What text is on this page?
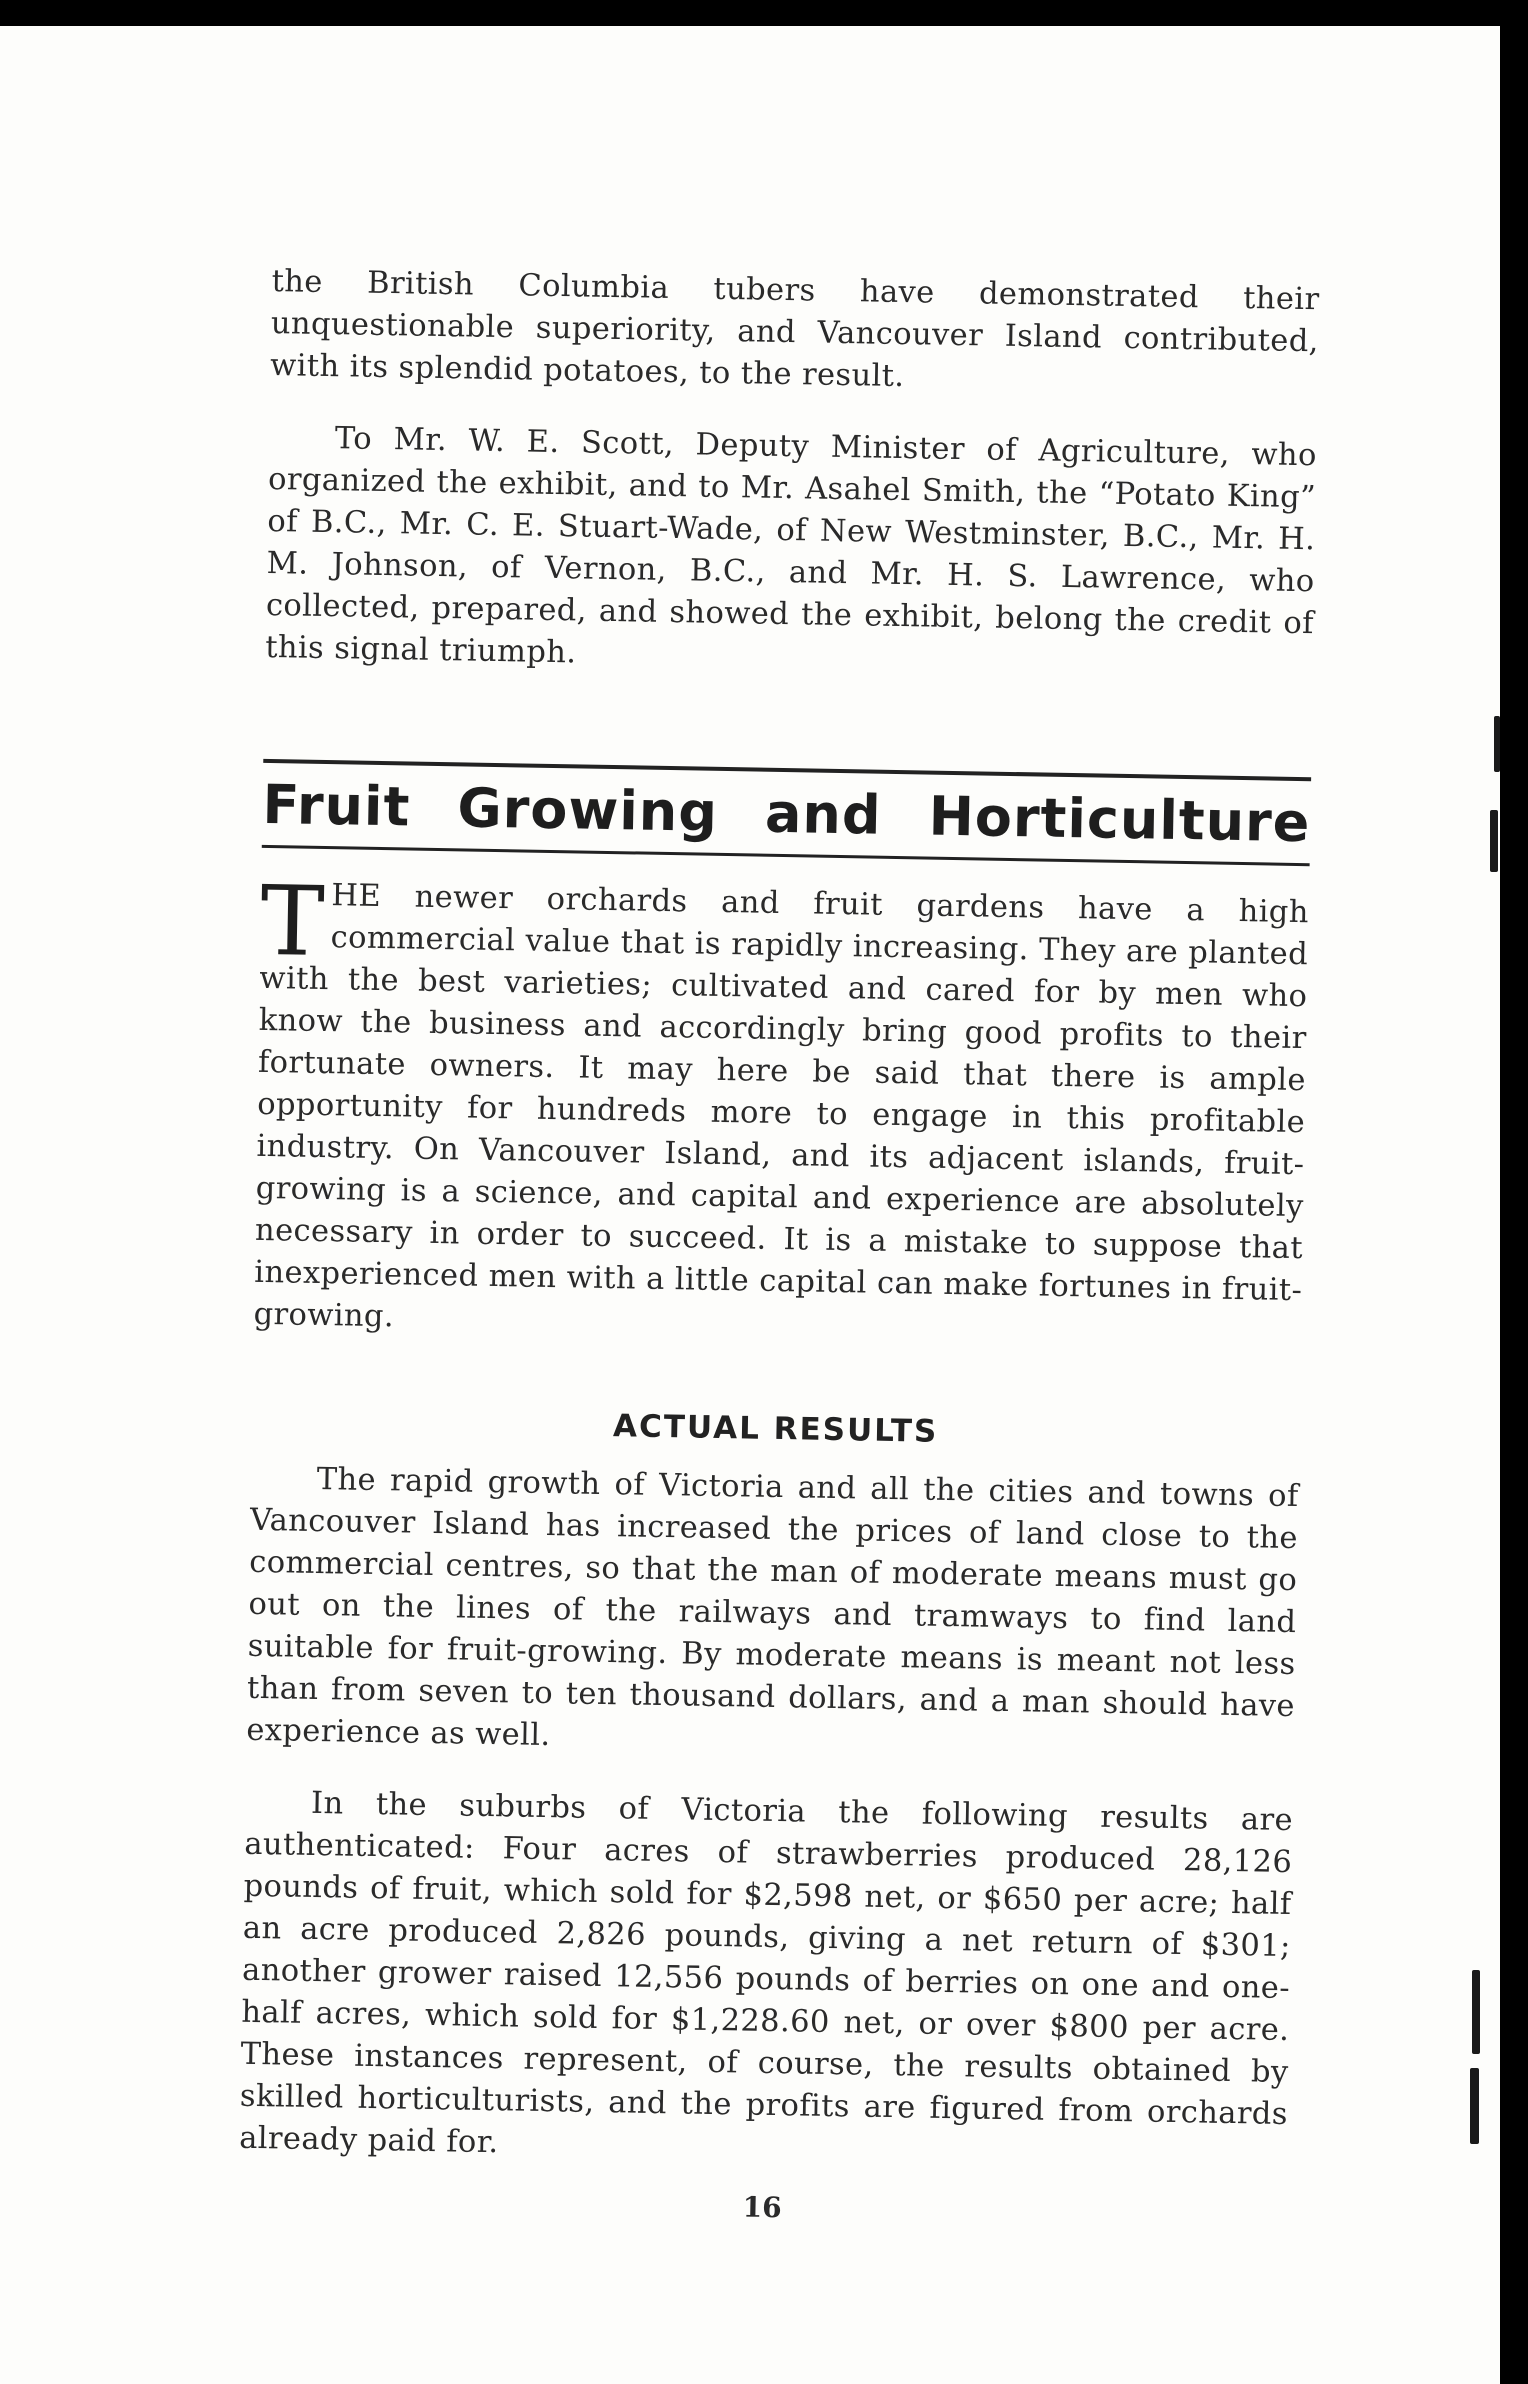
the British Columbia tubers have demonstrated their unquestionable superiority, and Vancouver Island contributed, with its splendid potatoes, to the result.

To Mr. W. E. Scott, Deputy Minister of Agriculture, who organized the exhibit, and to Mr. Asahel Smith, the “Potato King” of B.C., Mr. C. E. Stuart-Wade, of New Westminster, B.C., Mr. H. M. Johnson, of Vernon, B.C., and Mr. H. S. Lawrence, who collected, prepared, and showed the exhibit, belong the credit of this signal triumph.

Fruit Growing and Horticulture

THE newer orchards and fruit gardens have a high commercial value that is rapidly increasing. They are planted with the best varieties; cultivated and cared for by men who know the business and accordingly bring good profits to their fortunate owners. It may here be said that there is ample opportunity for hundreds more to engage in this profitable industry. On Vancouver Island, and its adjacent islands, fruit-growing is a science, and capital and experience are absolutely necessary in order to succeed. It is a mistake to suppose that inexperienced men with a little capital can make fortunes in fruit-growing.

ACTUAL RESULTS

The rapid growth of Victoria and all the cities and towns of Vancouver Island has increased the prices of land close to the commercial centres, so that the man of moderate means must go out on the lines of the railways and tramways to find land suitable for fruit-growing. By moderate means is meant not less than from seven to ten thousand dollars, and a man should have experience as well.

In the suburbs of Victoria the following results are authenticated: Four acres of strawberries produced 28,126 pounds of fruit, which sold for $2,598 net, or $650 per acre; half an acre produced 2,826 pounds, giving a net return of $301; another grower raised 12,556 pounds of berries on one and one-half acres, which sold for $1,228.60 net, or over $800 per acre. These instances represent, of course, the results obtained by skilled horticulturists, and the profits are figured from orchards already paid for.

16
